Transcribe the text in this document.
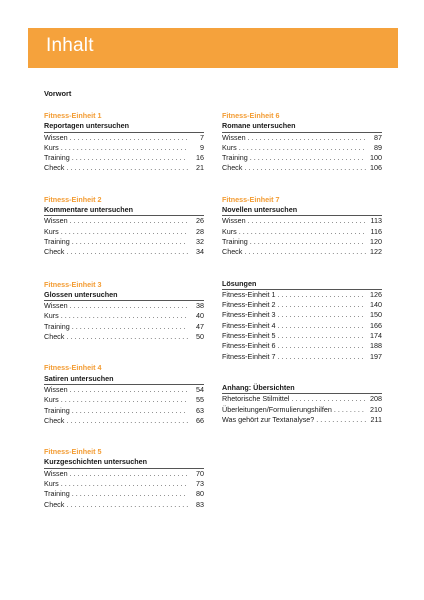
Inhalt
Vorwort
Fitness-Einheit 1
Reportagen untersuchen
Wissen . . .	7
Kurs . . .	9
Training . . .	16
Check . . .	21
Fitness-Einheit 2
Kommentare untersuchen
Wissen . . .	26
Kurs . . .	28
Training . . .	32
Check . . .	34
Fitness-Einheit 3
Glossen untersuchen
Wissen . . .	38
Kurs . . .	40
Training . . .	47
Check . . .	50
Fitness-Einheit 4
Satiren untersuchen
Wissen . . .	54
Kurs . . .	55
Training . . .	63
Check . . .	66
Fitness-Einheit 5
Kurzgeschichten untersuchen
Wissen . . .	70
Kurs . . .	73
Training . . .	80
Check . . .	83
Fitness-Einheit 6
Romane untersuchen
Wissen . . .	87
Kurs . . .	89
Training . . .	100
Check . . .	106
Fitness-Einheit 7
Novellen untersuchen
Wissen . . .	113
Kurs . . .	116
Training . . .	120
Check . . .	122
Lösungen
Fitness-Einheit 1 . . .	126
Fitness-Einheit 2 . . .	140
Fitness-Einheit 3 . . .	150
Fitness-Einheit 4 . . .	166
Fitness-Einheit 5 . . .	174
Fitness-Einheit 6 . . .	188
Fitness-Einheit 7 . . .	197
Anhang: Übersichten
Rhetorische Stilmittel . . .	208
Überleitungen/Formulierungshilfen . . .	210
Was gehört zur Textanalyse? . . .	211
